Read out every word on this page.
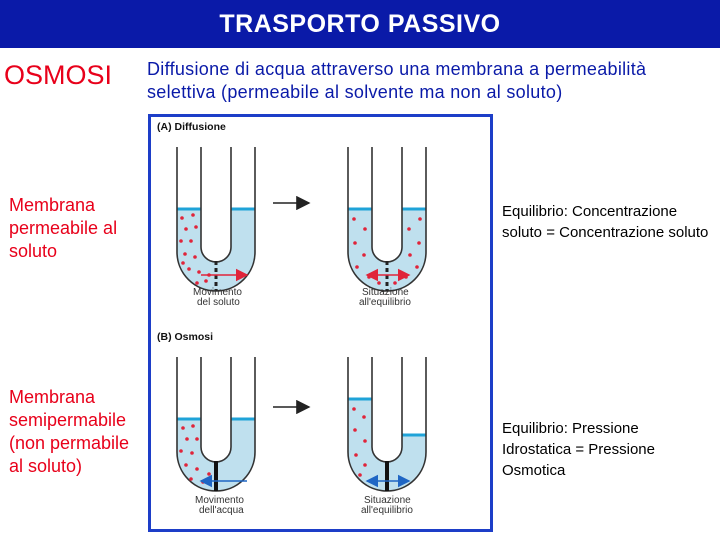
TRASPORTO PASSIVO
OSMOSI Diffusione di acqua attraverso una membrana a permeabilità selettiva (permeabile al solvente ma non al soluto)
Membrana permeabile al soluto
Membrana semipermabile (non permabile al soluto)
Equilibrio: Concentrazione soluto = Concentrazione soluto
Equilibrio: Pressione Idrostatica = Pressione Osmotica
(A) Diffusione
Movimento
del soluto
Situazione
all'equilibrio
(B) Osmosi
Movimento
dell'acqua
Situazione
all'equilibrio
